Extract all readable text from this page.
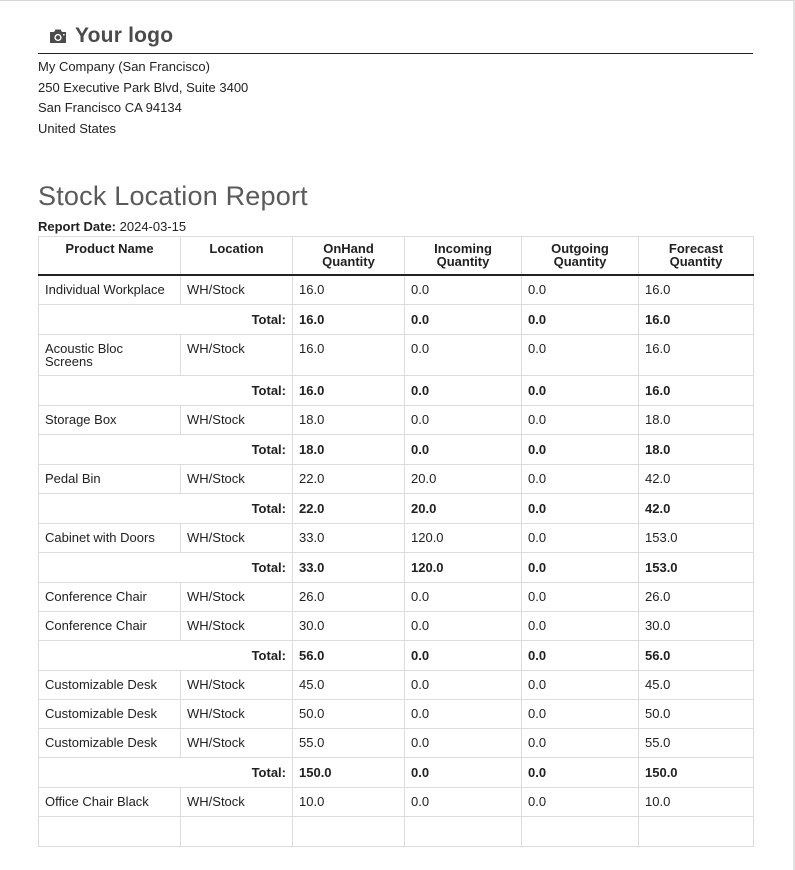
Your logo
My Company (San Francisco)
250 Executive Park Blvd, Suite 3400
San Francisco CA 94134
United States
Stock Location Report
Report Date: 2024-03-15
Product Name	Location	OnHand Quantity	Incoming Quantity	Outgoing Quantity	Forecast Quantity
Individual Workplace	WH/Stock	16.0	0.0	0.0	16.0
	Total:	16.0	0.0	0.0	16.0
Acoustic Bloc Screens	WH/Stock	16.0	0.0	0.0	16.0
	Total:	16.0	0.0	0.0	16.0
Storage Box	WH/Stock	18.0	0.0	0.0	18.0
	Total:	18.0	0.0	0.0	18.0
Pedal Bin	WH/Stock	22.0	20.0	0.0	42.0
	Total:	22.0	20.0	0.0	42.0
Cabinet with Doors	WH/Stock	33.0	120.0	0.0	153.0
	Total:	33.0	120.0	0.0	153.0
Conference Chair	WH/Stock	26.0	0.0	0.0	26.0
Conference Chair	WH/Stock	30.0	0.0	0.0	30.0
	Total:	56.0	0.0	0.0	56.0
Customizable Desk	WH/Stock	45.0	0.0	0.0	45.0
Customizable Desk	WH/Stock	50.0	0.0	0.0	50.0
Customizable Desk	WH/Stock	55.0	0.0	0.0	55.0
	Total:	150.0	0.0	0.0	150.0
Office Chair Black	WH/Stock	10.0	0.0	0.0	10.0
